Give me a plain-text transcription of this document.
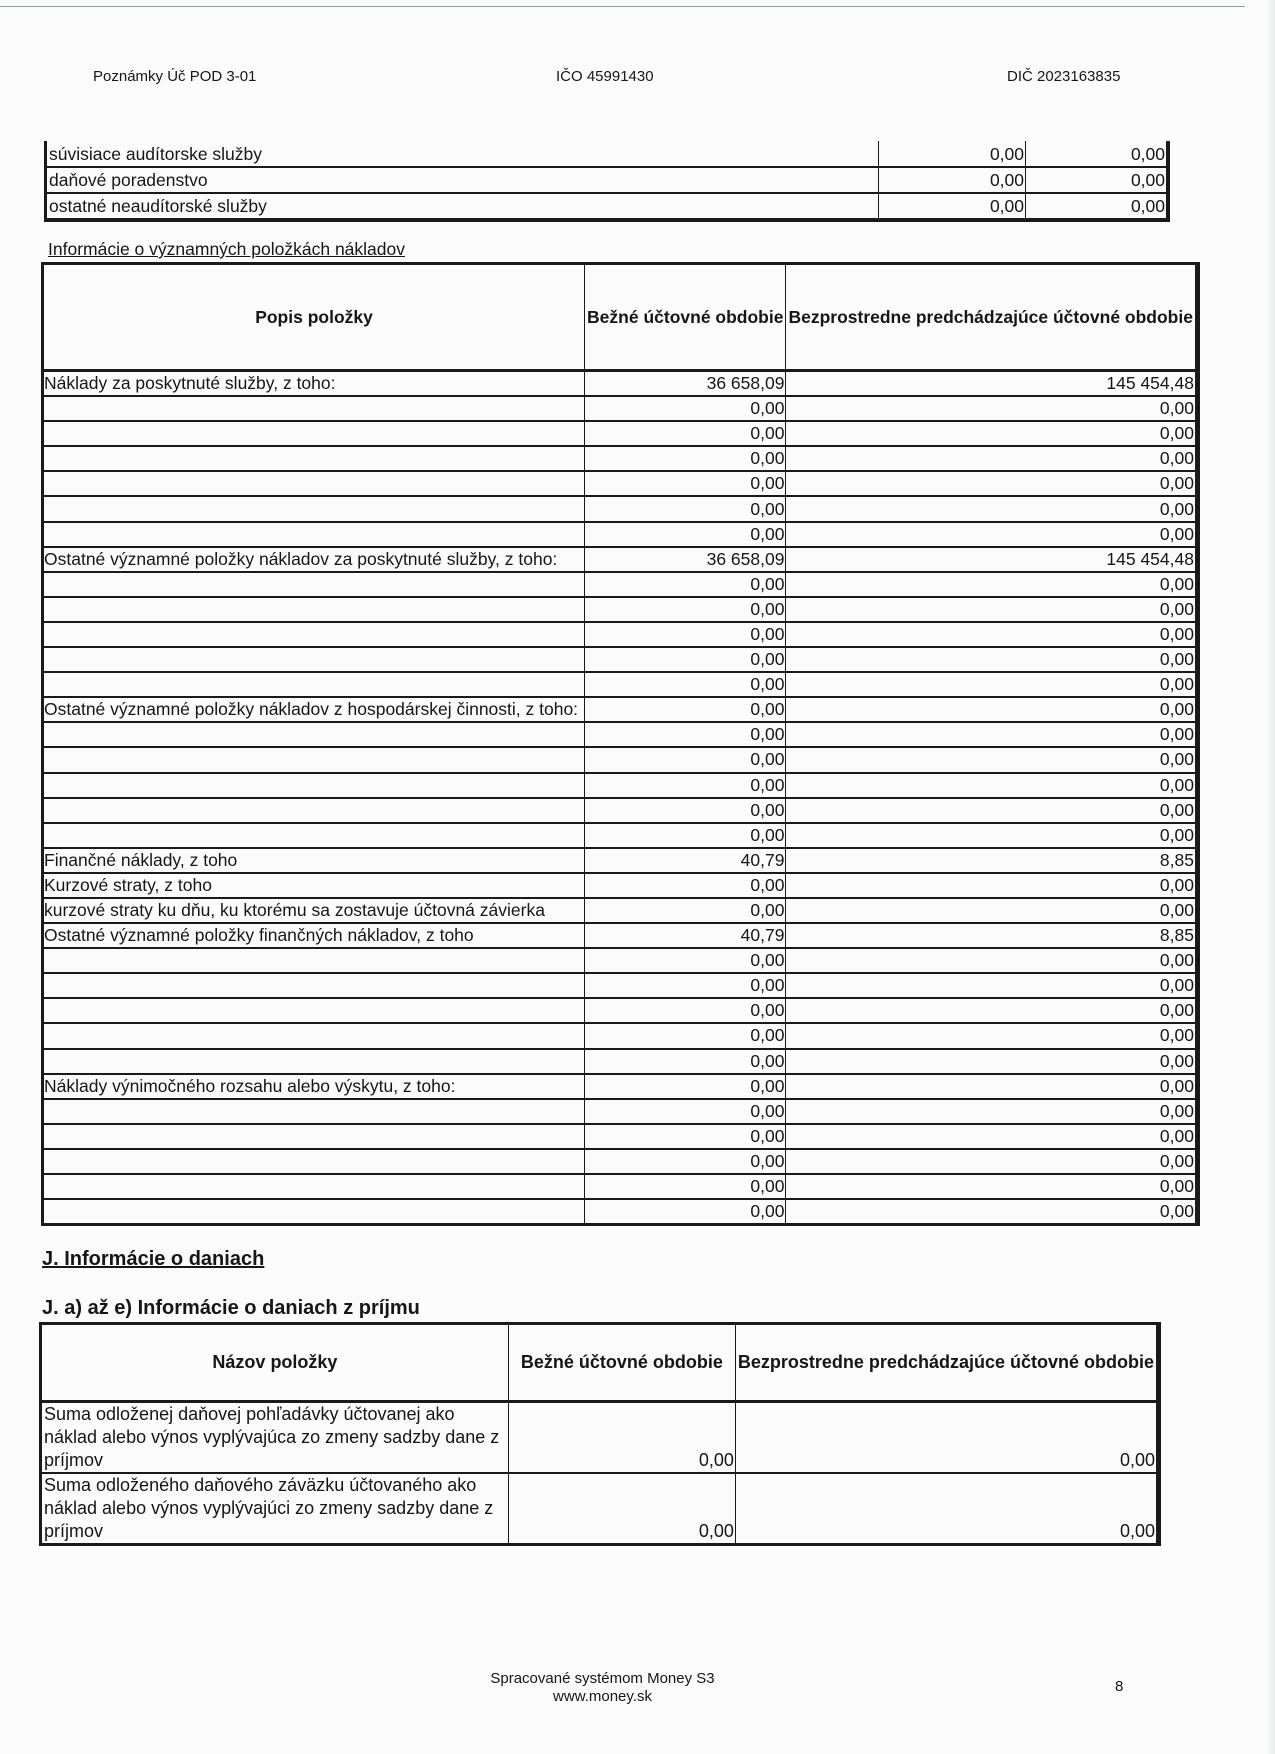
Poznámky Úč POD 3-01	IČO 45991430	DIČ 2023163835
súvisiace audítorske služby		0,00	0,00
daňové poradenstvo		0,00	0,00
ostatné neaudítorské služby		0,00	0,00
Informácie o významných položkách nákladov
Popis položky		Bežné účtovné obdobie	Bezprostredne predchádzajúce účtovné obdobie
Náklady za poskytnuté služby, z toho:		36 658,09	145 454,48
		0,00	0,00
		0,00	0,00
		0,00	0,00
		0,00	0,00
		0,00	0,00
		0,00	0,00
Ostatné významné položky nákladov za poskytnuté služby, z toho:		36 658,09	145 454,48
		0,00	0,00
		0,00	0,00
		0,00	0,00
		0,00	0,00
		0,00	0,00
Ostatné významné položky nákladov z hospodárskej činnosti, z toho:		0,00	0,00
		0,00	0,00
		0,00	0,00
		0,00	0,00
		0,00	0,00
		0,00	0,00
Finančné náklady, z toho		40,79	8,85
Kurzové straty, z toho		0,00	0,00
kurzové straty ku dňu, ku ktorému sa zostavuje účtovná závierka		0,00	0,00
Ostatné významné položky finančných nákladov, z toho		40,79	8,85
		0,00	0,00
		0,00	0,00
		0,00	0,00
		0,00	0,00
		0,00	0,00
Náklady výnimočného rozsahu alebo výskytu, z toho:		0,00	0,00
		0,00	0,00
		0,00	0,00
		0,00	0,00
		0,00	0,00
		0,00	0,00
J. Informácie o daniach
J. a) až e) Informácie o daniach z príjmu
Názov položky	Bežné účtovné obdobie	Bezprostredne predchádzajúce účtovné obdobie
Suma odloženej daňovej pohľadávky účtovanej ako náklad alebo výnos vyplývajúca zo zmeny sadzby dane z príjmov	0,00	0,00
Suma odloženého daňového záväzku účtovaného ako náklad alebo výnos vyplývajúci zo zmeny sadzby dane z príjmov	0,00	0,00
Spracované systémom Money S3
www.money.sk
8
